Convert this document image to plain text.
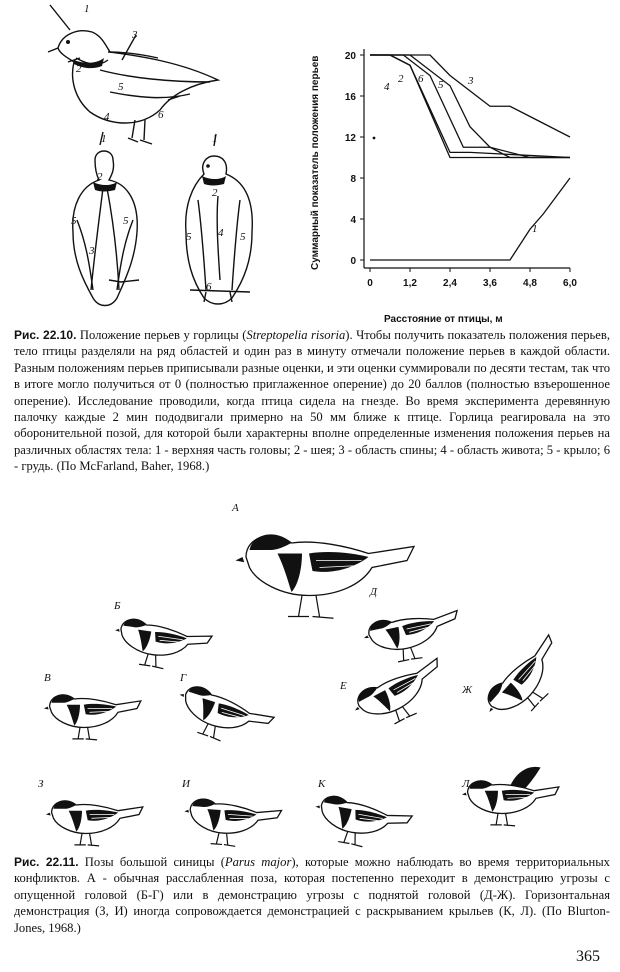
1
2
3
5
4	6
1
2
5	5
3
1
2
5 4 5
6
0
4
8
12
16
20
0	1,2	2,4	3,6	4,8	6,0
4
2 6 5 3
1
Суммарный показатель положения перьев
Расстояние от птицы, м

Рис. 22.10. Положение перьев у горлицы (Streptopelia risoria). Чтобы получить показатель положения перьев, тело птицы разделяли на ряд областей и один раз в минуту отмечали положение перьев в каждой области. Разным положениям перьев приписывали разные оценки, и эти оценки суммировали по десяти тестам, так что в итоге могло получиться от 0 (полностью приглаженное оперение) до 20 баллов (полностью взъерошенное оперение). Исследование проводили, когда птица сидела на гнезде. Во время эксперимента деревянную палочку каждые 2 мин пододвигали примерно на 50 мм ближе к птице. Горлица реагировала на это оборонительной позой, для которой были характерны вполне определенные изменения положения перьев на различных областях тела: 1 - верхняя часть головы; 2 - шея; 3 - область спины; 4 - область живота; 5 - крыло; 6 - грудь. (По McFarland, Baher, 1968.)

А
Б
Д
В	Г
Е	Ж
З	И	К	Л

Рис. 22.11. Позы большой синицы (Parus major), которые можно наблюдать во время территориальных конфликтов. А - обычная расслабленная поза, которая постепенно переходит в демонстрацию угрозы с опущенной головой (Б-Г) или в демонстрацию угрозы с поднятой головой (Д-Ж). Горизонтальная демонстрация (З, И) иногда сопровождается демонстрацией с раскрыванием крыльев (К, Л). (По Blurton-Jones, 1968.)

365
